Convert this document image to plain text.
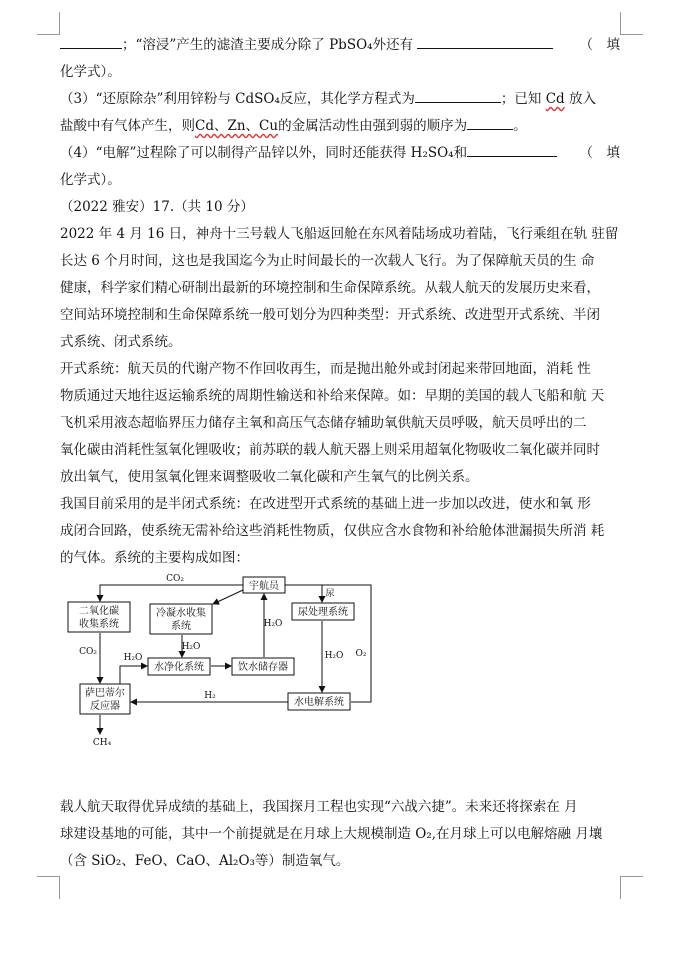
；“溶浸”产生的滤渣主要成分除了 PbSO₄外还有	（　填
化学式）。
（3）“还原除杂”利用锌粉与 CdSO₄反应，其化学方程式为	；已知 Cd 放入
盐酸中有气体产生，则Cd、Zn、Cu的金属活动性由强到弱的顺序为	。
（4）“电解”过程除了可以制得产品锌以外，同时还能获得 H₂SO₄和	（　填
化学式）。
（2022 雅安）17.（共 10 分）
2022 年 4 月 16 日，神舟十三号载人飞船返回舱在东风着陆场成功着陆，飞行乘组在轨 驻留
长达 6 个月时间，这也是我国迄今为止时间最长的一次载人飞行。为了保障航天员的生 命
健康，科学家们精心研制出最新的环境控制和生命保障系统。从载人航天的发展历史来看，
空间站环境控制和生命保障系统一般可划分为四种类型：开式系统、改进型开式系统、半闭
式系统、闭式系统。
开式系统：航天员的代谢产物不作回收再生，而是抛出舱外或封闭起来带回地面，消耗 性
物质通过天地往返运输系统的周期性输送和补给来保障。如：早期的美国的载人飞船和航 天
飞机采用液态超临界压力储存主氧和高压气态储存辅助氧供航天员呼吸，航天员呼出的二
氧化碳由消耗性氢氧化锂吸收；前苏联的载人航天器上则采用超氧化物吸收二氧化碳并同时
放出氧气，使用氢氧化锂来调整吸收二氧化碳和产生氧气的比例关系。
我国目前采用的是半闭式系统：在改进型开式系统的基础上进一步加以改进，使水和氧 形
成闭合回路，使系统无需补给这些消耗性物质，仅供应含水食物和补给舱体泄漏损失所消 耗
的气体。系统的主要构成如图：
宇航员
二氧化碳
收集系统
冷凝水收集
系统
尿处理系统
水净化系统	饮水储存器
萨巴蒂尔
反应器	水电解系统
CO₂
CO₂
尿
H₂O
H₂O
H₂O
H₂O O₂
H₂
CH₄
载人航天取得优异成绩的基础上，我国探月工程也实现“六战六捷”。未来还将探索在 月
球建设基地的可能，其中一个前提就是在月球上大规模制造 O₂,在月球上可以电解熔融 月壤
（含 SiO₂、FeO、CaO、Al₂O₃等）制造氧气。
